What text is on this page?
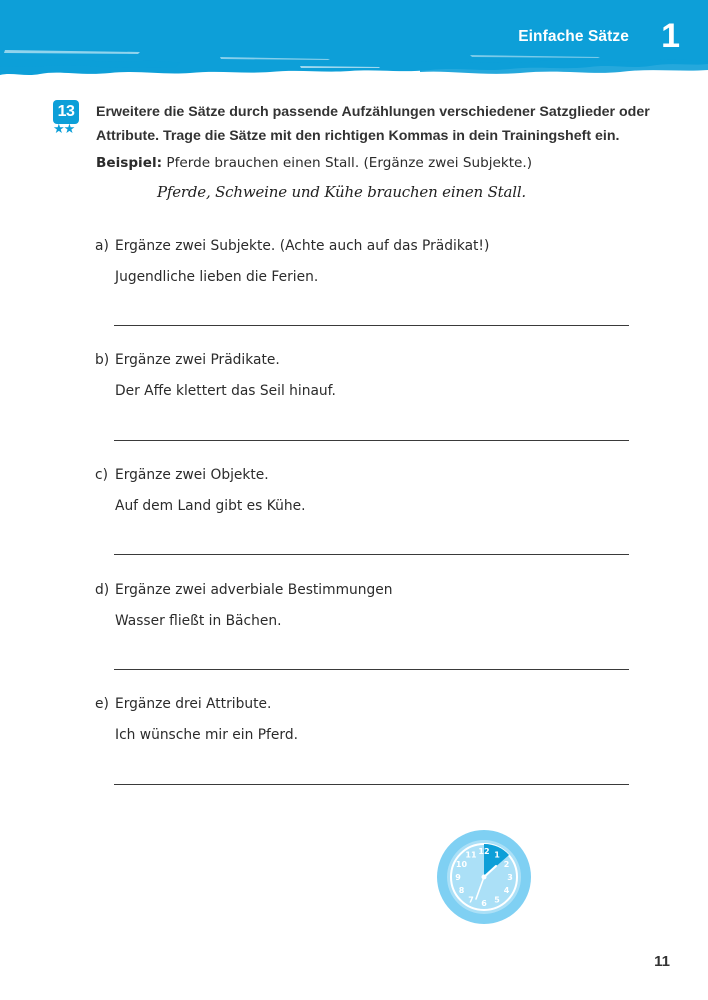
Einfache Sätze 1
13
★★
Erweitere die Sätze durch passende Aufzählungen verschiedener Satzglieder oder Attribute. Trage die Sätze mit den richtigen Kommas in dein Trainingsheft ein.
Beispiel: Pferde brauchen einen Stall. (Ergänze zwei Subjekte.)
Pferde, Schweine und Kühe brauchen einen Stall.
a) Ergänze zwei Subjekte. (Achte auch auf das Prädikat!)
Jugendliche lieben die Ferien.
b) Ergänze zwei Prädikate.
Der Affe klettert das Seil hinauf.
c) Ergänze zwei Objekte.
Auf dem Land gibt es Kühe.
d) Ergänze zwei adverbiale Bestimmungen
Wasser fließt in Bächen.
e) Ergänze drei Attribute.
Ich wünsche mir ein Pferd.
12 1
2
3
4
5
6
7
8
9
10
11
11
